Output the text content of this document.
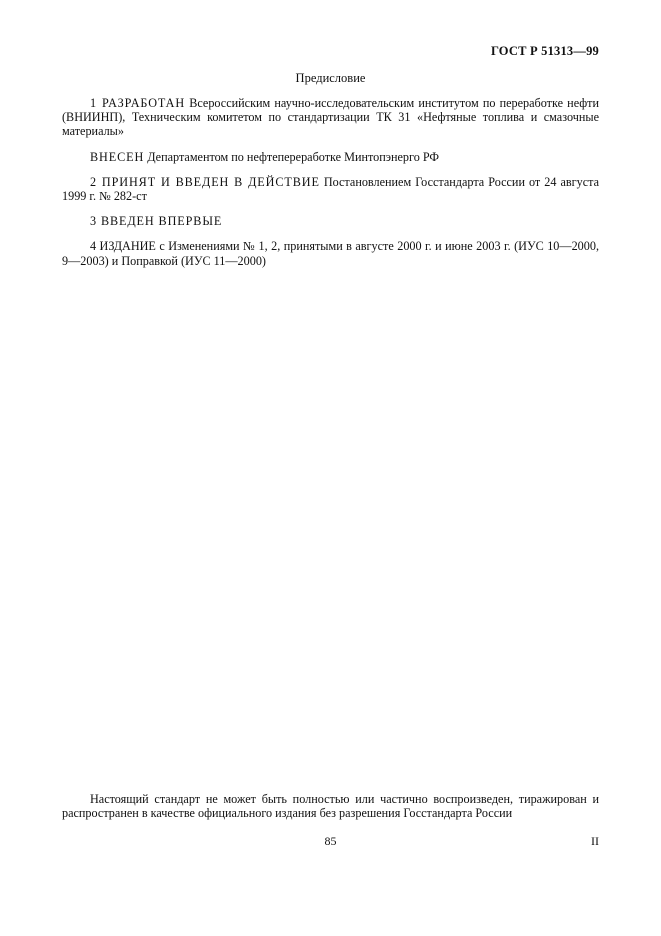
ГОСТ Р 51313—99
Предисловие

1 РАЗРАБОТАН Всероссийским научно-исследовательским институтом по переработке нефти (ВНИИНП), Техническим комитетом по стандартизации ТК 31 «Нефтяные топлива и смазочные материалы»

ВНЕСЕН Департаментом по нефтепереработке Минтопэнерго РФ

2 ПРИНЯТ И ВВЕДЕН В ДЕЙСТВИЕ Постановлением Госстандарта России от 24 августа 1999 г. № 282-ст

3 ВВЕДЕН ВПЕРВЫЕ

4 ИЗДАНИЕ с Изменениями № 1, 2, принятыми в августе 2000 г. и июне 2003 г. (ИУС 10—2000, 9—2003) и Поправкой (ИУС 11—2000)

Настоящий стандарт не может быть полностью или частично воспроизведен, тиражирован и распространен в качестве официального издания без разрешения Госстандарта России

85	II
